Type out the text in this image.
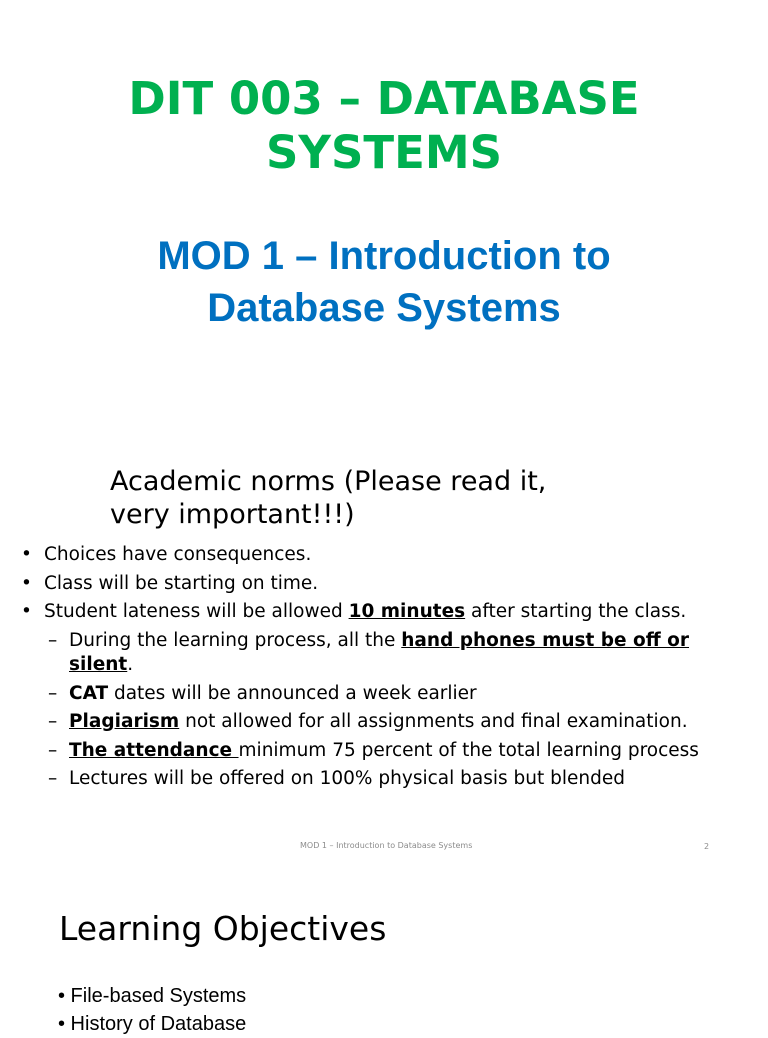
DIT 003 – DATABASE
SYSTEMS
MOD 1 – Introduction to
Database Systems
Academic norms (Please read it,
very important!!!)
• Choices have consequences.
• Class will be starting on time.
• Student lateness will be allowed 10 minutes after starting the class.
– During the learning process, all the hand phones must be off or silent.
– CAT dates will be announced a week earlier
– Plagiarism not allowed for all assignments and final examination.
– The attendance minimum 75 percent of the total learning process
– Lectures will be offered on 100% physical basis but blended
MOD 1 – Introduction to Database Systems	2
Learning Objectives
• File-based Systems
• History of Database
